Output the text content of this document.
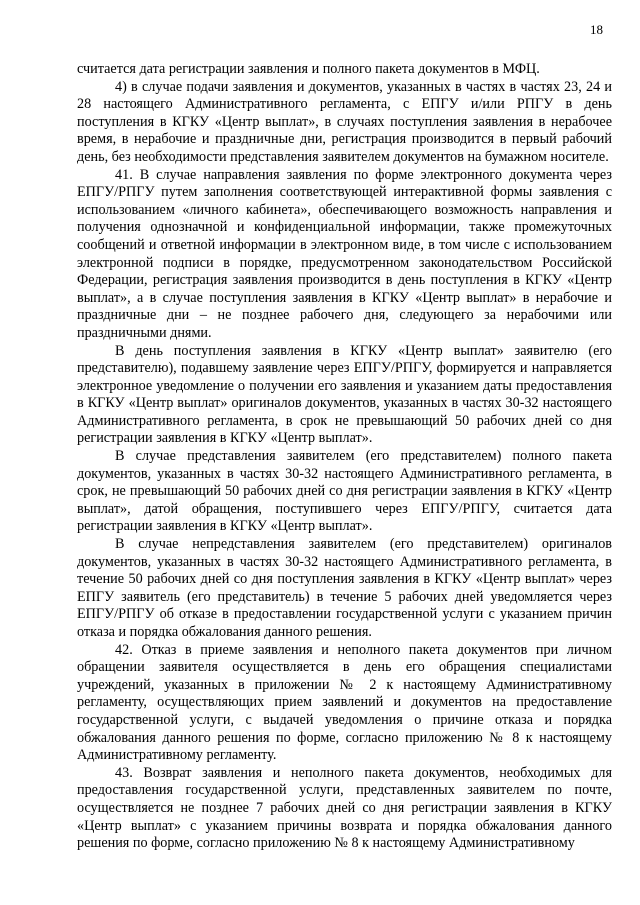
18

считается дата регистрации заявления и полного пакета документов в МФЦ.

4) в случае подачи заявления и документов, указанных в частях в частях 23, 24 и 28 настоящего Административного регламента, с ЕПГУ и/или РПГУ в день поступления в КГКУ «Центр выплат», в случаях поступления заявления в нерабочее время, в нерабочие и праздничные дни, регистрация производится в первый рабочий день, без необходимости представления заявителем документов на бумажном носителе.

41. В случае направления заявления по форме электронного документа через ЕПГУ/РПГУ путем заполнения соответствующей интерактивной формы заявления с использованием «личного кабинета», обеспечивающего возможность направления и получения однозначной и конфиденциальной информации, также промежуточных сообщений и ответной информации в электронном виде, в том числе с использованием электронной подписи в порядке, предусмотренном законодательством Российской Федерации, регистрация заявления производится в день поступления в КГКУ «Центр выплат», а в случае поступления заявления в КГКУ «Центр выплат» в нерабочие и праздничные дни – не позднее рабочего дня, следующего за нерабочими или праздничными днями.

В день поступления заявления в КГКУ «Центр выплат» заявителю (его представителю), подавшему заявление через ЕПГУ/РПГУ, формируется и направляется электронное уведомление о получении его заявления и указанием даты предоставления в КГКУ «Центр выплат» оригиналов документов, указанных в частях 30-32 настоящего Административного регламента, в срок не превышающий 50 рабочих дней со дня регистрации заявления в КГКУ «Центр выплат».

В случае представления заявителем (его представителем) полного пакета документов, указанных в частях 30-32 настоящего Административного регламента, в срок, не превышающий 50 рабочих дней со дня регистрации заявления в КГКУ «Центр выплат», датой обращения, поступившего через ЕПГУ/РПГУ, считается дата регистрации заявления в КГКУ «Центр выплат».

В случае непредставления заявителем (его представителем) оригиналов документов, указанных в частях 30-32 настоящего Административного регламента, в течение 50 рабочих дней со дня поступления заявления в КГКУ «Центр выплат» через ЕПГУ заявитель (его представитель) в течение 5 рабочих дней уведомляется через ЕПГУ/РПГУ об отказе в предоставлении государственной услуги с указанием причин отказа и порядка обжалования данного решения.

42. Отказ в приеме заявления и неполного пакета документов при личном обращении заявителя осуществляется в день его обращения специалистами учреждений, указанных в приложении № 2 к настоящему Административному регламенту, осуществляющих прием заявлений и документов на предоставление государственной услуги, с выдачей уведомления о причине отказа и порядка обжалования данного решения по форме, согласно приложению № 8 к настоящему Административному регламенту.

43. Возврат заявления и неполного пакета документов, необходимых для предоставления государственной услуги, представленных заявителем по почте, осуществляется не позднее 7 рабочих дней со дня регистрации заявления в КГКУ «Центр выплат» с указанием причины возврата и порядка обжалования данного решения по форме, согласно приложению № 8 к настоящему Административному
